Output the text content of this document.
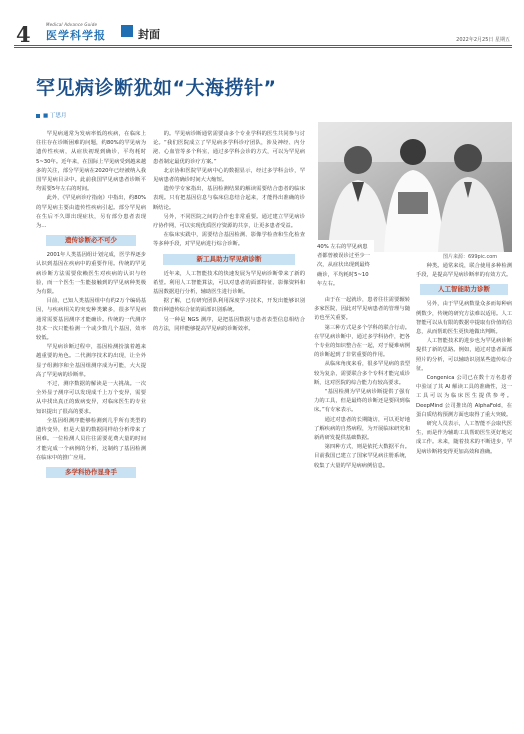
4	Medical Advance Guide
医学科学报	封面	2022年2月25日 星期五
罕见病诊断犹如“大海捞针”
■ 丁思月
图片来源：699pic.com

罕见病通常为发病率低的疾病，在临床上往往存在诊断困难的问题，约80%的罕见病为遗传性疾病，从症状初现到确诊，平均耗时5~30年。近年来，在国际上罕见病受到越来越多的关注，部分罕见病在2020年已经被纳入我国罕见病目录中。此前我国罕见病患者诊断平均需要5年左右的时间。

此外，《罕见病诊疗指南》中指出，约80%的罕见病主要由遗传性疾病引起。部分罕见病在生后不久即出现症状，另有部分患者表现为…

遗传诊断必不可少

2001年人类基因组计划完成，医学界逐步认识到基因在疾病中的重要作用。传统的罕见病诊断方法需要依赖医生对疾病的认识与经验，而一个医生一生能接触到的罕见病种类极为有限。

目前，已知人类基因组中有约2万个编码基因，与疾病相关的突变种类繁多，很多罕见病通常需要基因测序才能确诊。传统的一代测序技术一次只能检测一个或少数几个基因，效率较低。

罕见病诊断过程中，基因检测扮演着越来越重要的角色。二代测序技术的出现，让全外显子组测序和全基因组测序成为可能，大大提高了罕见病的诊断率。

不过，测序数据的解读是一大挑战。一次全外显子测序可以发现成千上万个变异，需要从中找出真正的致病变异，对临床医生的专业知识提出了很高的要求。

全基因组测序能够检测到几乎所有类型的遗传变异，但是大量的数据同样给分析带来了困难。一位检测人员往往需要花费大量的时间才能完成一个病例的分析，这制约了基因检测在临床中的推广应用。

多学科协作显身手

的。罕见病诊断通常需要由多个专业学科的医生共同参与讨论。“我们医院成立了罕见病多学科诊疗团队，涉及神经、内分泌、心血管等多个科室，通过多学科会诊的方式，可以为罕见病患者制定最优的诊疗方案。”

北京协和医院罕见病中心的数据显示，经过多学科会诊，罕见病患者的确诊时间大大缩短。

遗传学专家指出，基因检测结果的解读需要结合患者的临床表现。只有把基因信息与临床信息结合起来，才能得出准确的诊断结论。

另外，不同医院之间的合作也非常重要。通过建立罕见病诊疗协作网，可以实现优质医疗资源的共享，让更多患者受益。

在临床实践中，需要结合基因检测、影像学检查和生化检查等多种手段，对罕见病进行综合诊断。

新工具助力罕见病诊断

近年来，人工智能技术的快速发展为罕见病诊断带来了新的希望。利用人工智能算法，可以对患者的面部特征、影像资料和基因数据进行分析，辅助医生进行诊断。

据了解，已有研究团队利用深度学习技术，开发出能够识别数百种遗传综合征的面部识别系统。

另一种是 NGS 测序，是把基因数据与患者表型信息相结合的方法，同样能够提高罕见病的诊断效率。

由于在一起就诊，患者往往需要辗转多家医院，因此对罕见病患者的管理与随访也至关重要。

第三种方式是多个学科的联合行动。在罕见病诊断中，通过多学科协作，把各个专业的知识整合在一起，对于疑难病例的诊断起到了非常重要的作用。

从临床角度来看，很多罕见病的表型较为复杂，需要联合多个专科才能完成诊断，这对医院的综合能力有较高要求。

“基因检测为罕见病诊断提供了强有力的工具，但是最终的诊断还是要回到临床。”有专家表示。

通过对患者的长期随访，可以更好地了解疾病的自然病程，为开展临床研究和新药研发提供基础数据。

第四种方式，则是依托大数据平台。目前我国已建立了国家罕见病注册系统，收集了大量的罕见病病例信息。

40% 左右的罕见病患者都曾被误诊过至少一次，从症状出现到最终确诊，平均耗时5~10年左右。

种类。通常来说，联合使用多种检测手段，是提高罕见病诊断率的有效方式。

人工智能助力诊断

另外，由于罕见病数量众多而每种病例数少，传统的研究方法难以适用。人工智能可以从有限的数据中提取有价值的信息，从而帮助医生更快地做出判断。

人工智能技术的进步也为罕见病诊断提供了新的思路。例如，通过对患者面部照片的分析，可以辅助识别某些遗传综合征。

Congenica 公司已在数十万名患者中验证了其 AI 解读工具的准确性，这一工具可以为临床医生提供参考。DeepMind 公司推出的 AlphaFold，在蛋白质结构预测方面也取得了重大突破。

研究人员表示，人工智能不会取代医生，而是作为辅助工具帮助医生更好地完成工作。未来，随着技术的不断进步，罕见病诊断将变得更加高效和准确。
